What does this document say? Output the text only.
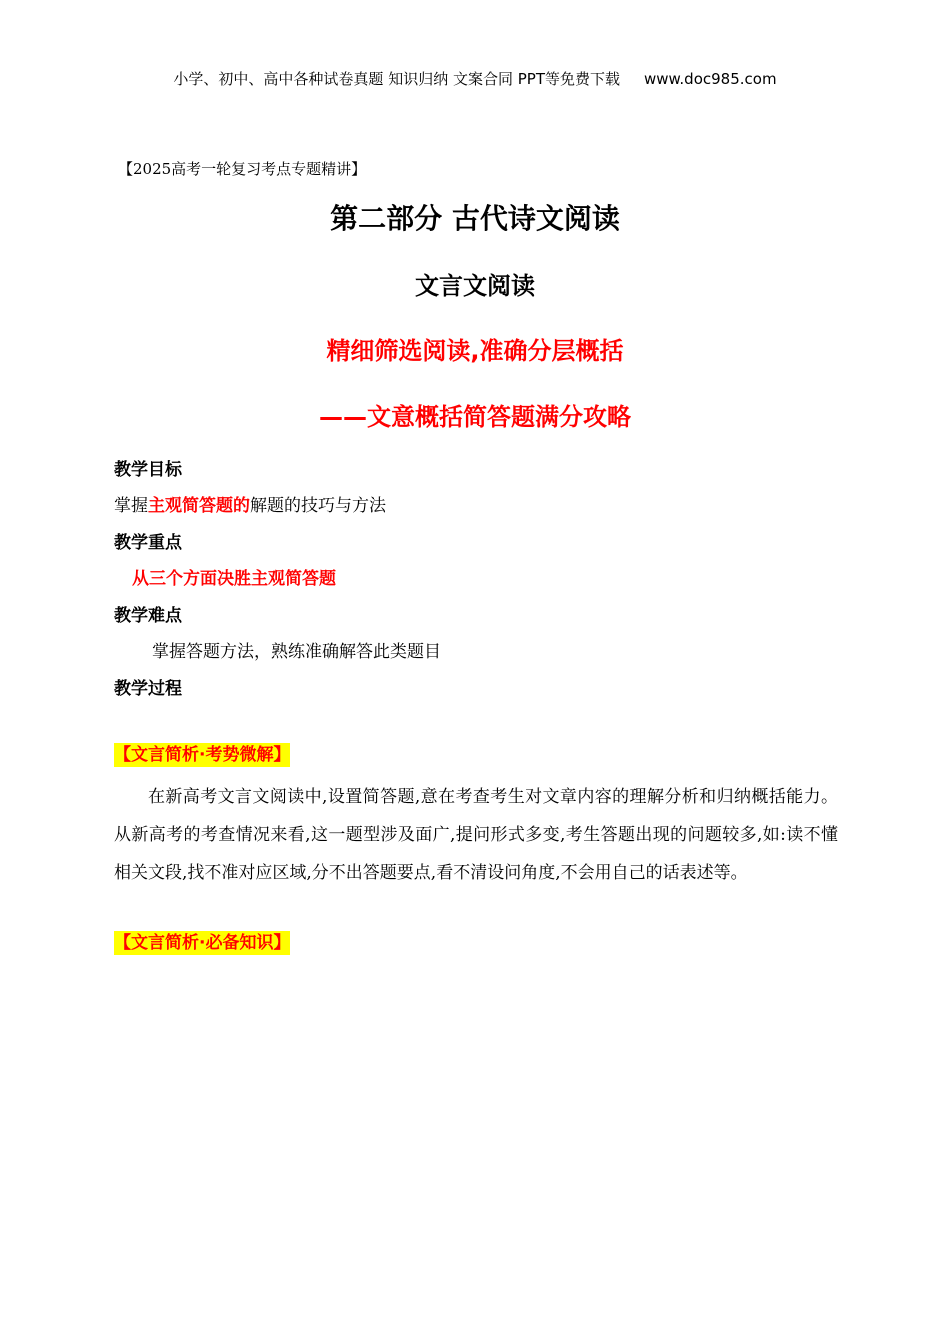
小学、初中、高中各种试卷真题 知识归纳 文案合同 PPT等免费下载 www.doc985.com
【2025高考一轮复习考点专题精讲】
第二部分 古代诗文阅读
文言文阅读
精细筛选阅读,准确分层概括
——文意概括简答题满分攻略
教学目标
掌握主观简答题的解题的技巧与方法
教学重点
从三个方面决胜主观简答题
教学难点
掌握答题方法，熟练准确解答此类题目
教学过程
【文言简析·考势微解】
在新高考文言文阅读中,设置简答题,意在考查考生对文章内容的理解分析和归纳概括能力。从新高考的考查情况来看,这一题型涉及面广,提问形式多变,考生答题出现的问题较多,如:读不懂相关文段,找不准对应区域,分不出答题要点,看不清设问角度,不会用自己的话表述等。
【文言简析·必备知识】
